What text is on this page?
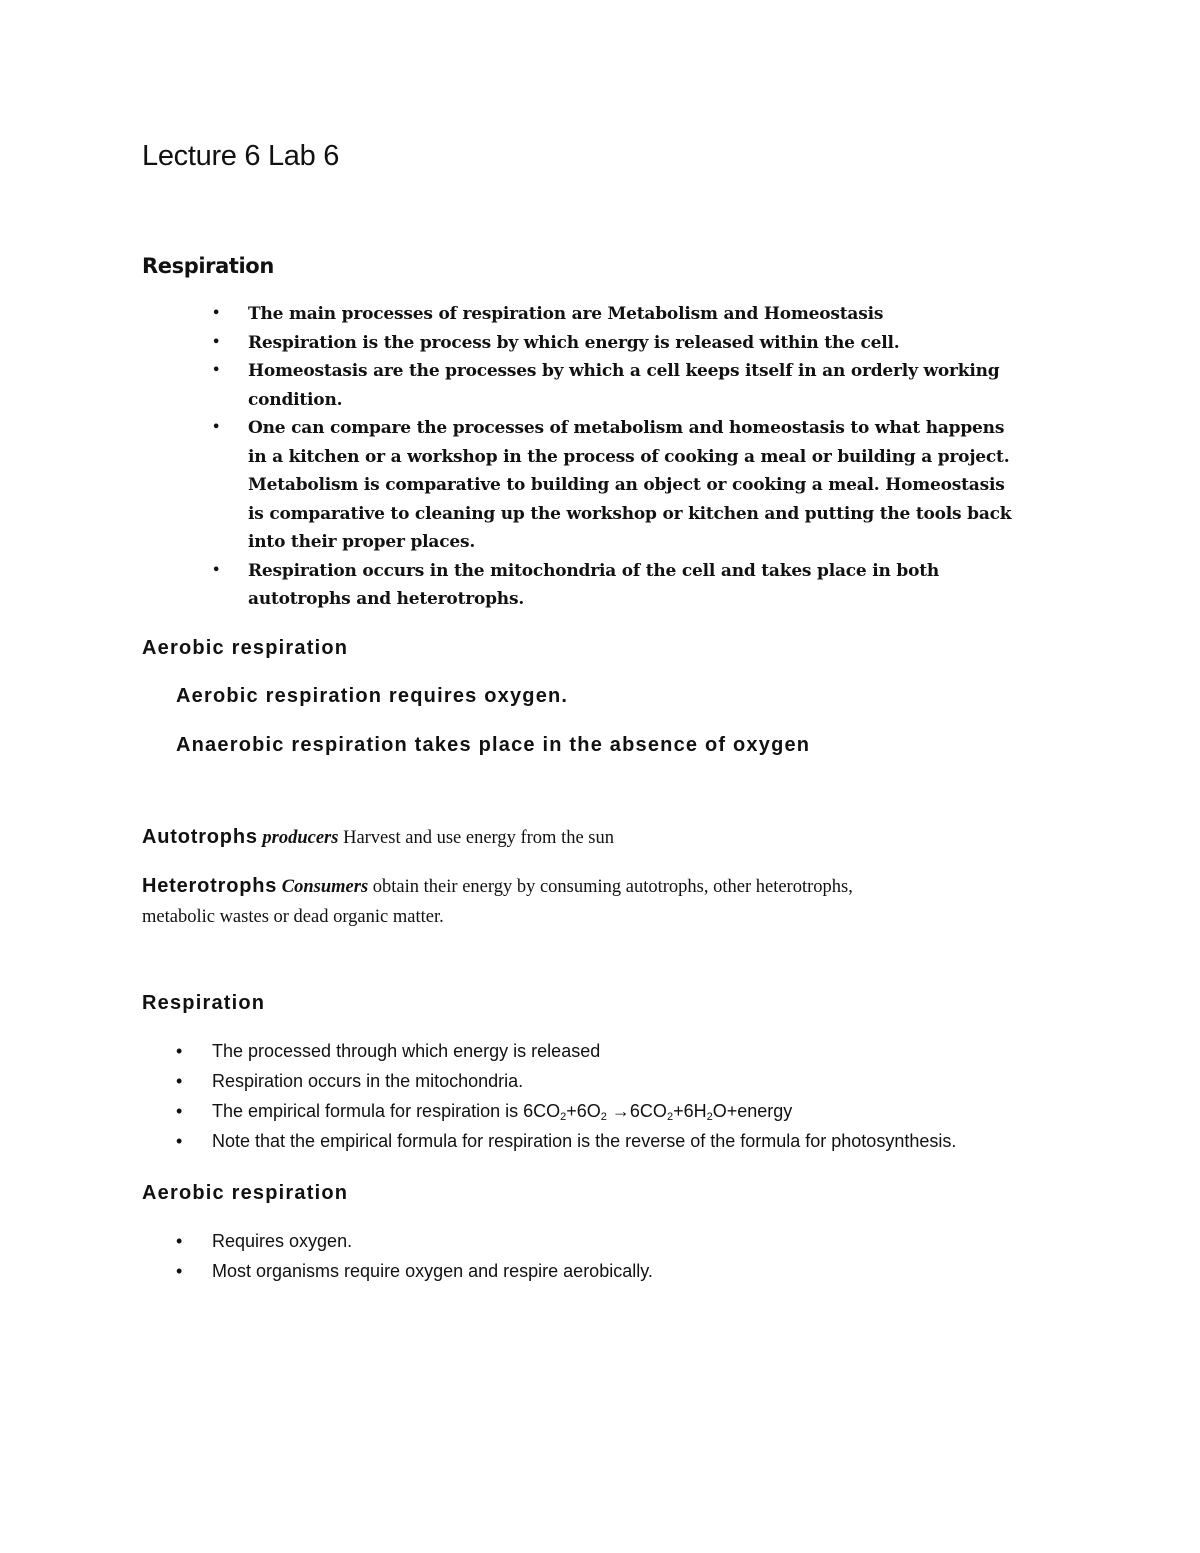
Lecture 6 Lab 6
Respiration
• The main processes of respiration are Metabolism and Homeostasis
• Respiration is the process by which energy is released within the cell.
• Homeostasis are the processes by which a cell keeps itself in an orderly working condition.
• One can compare the processes of metabolism and homeostasis to what happens in a kitchen or a workshop in the process of cooking a meal or building a project. Metabolism is comparative to building an object or cooking a meal. Homeostasis is comparative to cleaning up the workshop or kitchen and putting the tools back into their proper places.
• Respiration occurs in the mitochondria of the cell and takes place in both autotrophs and heterotrophs.
Aerobic respiration
Aerobic respiration requires oxygen.
Anaerobic respiration takes place in the absence of oxygen
Autotrophs producers Harvest and use energy from the sun
Heterotrophs Consumers obtain their energy by consuming autotrophs, other heterotrophs,
metabolic wastes or dead organic matter.
Respiration
• The processed through which energy is released
• Respiration occurs in the mitochondria.
• The empirical formula for respiration is $6CO_2+6O_2$ $\to 6CO_2+6H_2O+energy$
• Note that the empirical formula for respiration is the reverse of the formula for photosynthesis.
Aerobic respiration
• Requires oxygen.
• Most organisms require oxygen and respire aerobically.
